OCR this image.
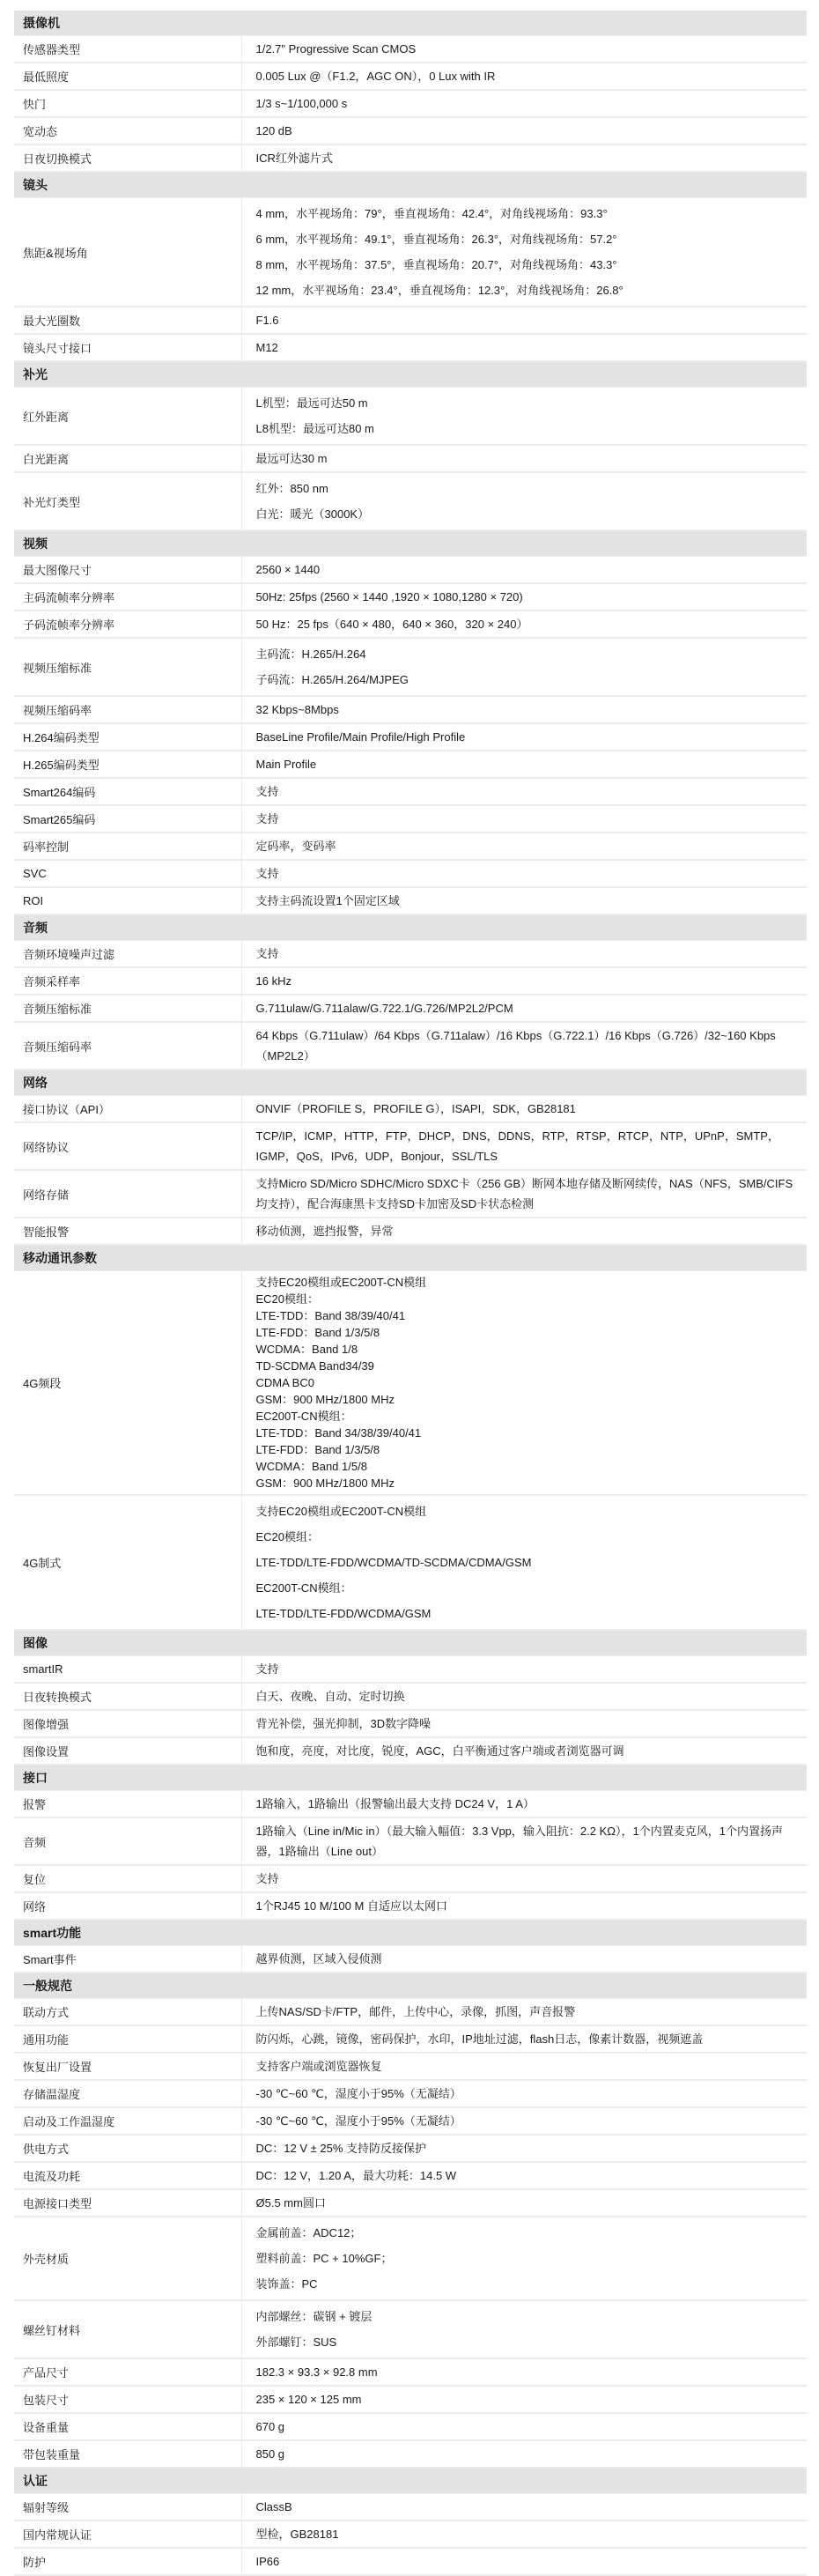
摄像机	
传感器类型	1/2.7" Progressive Scan CMOS

最低照度	0.005 Lux @（F1.2，AGC ON），0 Lux with IR

快门	1/3 s~1/100,000 s

宽动态	120 dB

日夜切换模式	ICR红外滤片式

镜头	
焦距&视场角	4 mm，水平视场角：79°，垂直视场角：42.4°，对角线视场角：93.3°
6 mm，水平视场角：49.1°，垂直视场角：26.3°，对角线视场角：57.2°
8 mm，水平视场角：37.5°，垂直视场角：20.7°，对角线视场角：43.3°
12 mm，水平视场角：23.4°，垂直视场角：12.3°，对角线视场角：26.8°

最大光圈数	F1.6

镜头尺寸接口	M12

补光	
红外距离	L机型：最远可达50 m
L8机型：最远可达80 m

白光距离	最远可达30 m

补光灯类型	红外：850 nm
白光：暖光（3000K）

视频	
最大图像尺寸	2560 × 1440

主码流帧率分辨率	50Hz: 25fps (2560 × 1440 ,1920 × 1080,1280 × 720)

子码流帧率分辨率	50 Hz：25 fps（640 × 480，640 × 360，320 × 240）

视频压缩标准	主码流：H.265/H.264
子码流：H.265/H.264/MJPEG

视频压缩码率	32 Kbps~8Mbps

H.264编码类型	BaseLine Profile/Main Profile/High Profile

H.265编码类型	Main Profile

Smart264编码	支持

Smart265编码	支持

码率控制	定码率，变码率

SVC	支持

ROI	支持主码流设置1个固定区域

音频	
音频环境噪声过滤	支持

音频采样率	16 kHz

音频压缩标准	G.711ulaw/G.711alaw/G.722.1/G.726/MP2L2/PCM

音频压缩码率	64 Kbps（G.711ulaw）/64 Kbps（G.711alaw）/16 Kbps（G.722.1）/16 Kbps（G.726）/32~160 Kbps（MP2L2）

网络	
接口协议（API）	ONVIF（PROFILE S，PROFILE G），ISAPI，SDK，GB28181

网络协议	TCP/IP，ICMP，HTTP，FTP，DHCP，DNS，DDNS，RTP，RTSP，RTCP，NTP，UPnP，SMTP，IGMP，QoS，IPv6，UDP，Bonjour，SSL/TLS

网络存储	支持Micro SD/Micro SDHC/Micro SDXC卡（256 GB）断网本地存储及断网续传，NAS（NFS，SMB/CIFS均支持），配合海康黑卡支持SD卡加密及SD卡状态检测

智能报警	移动侦测，遮挡报警，异常

移动通讯参数	
4G频段	
支持EC20模组或EC200T-CN模组
EC20模组：
LTE-TDD：Band 38/39/40/41
LTE-FDD：Band 1/3/5/8
WCDMA：Band 1/8
TD-SCDMA Band34/39
CDMA BC0
GSM：900 MHz/1800 MHz
EC200T-CN模组：
LTE-TDD：Band 34/38/39/40/41
LTE-FDD：Band 1/3/5/8
WCDMA：Band 1/5/8
GSM：900 MHz/1800 MHz

4G制式	支持EC20模组或EC200T-CN模组
EC20模组：
LTE-TDD/LTE-FDD/WCDMA/TD-SCDMA/CDMA/GSM
EC200T-CN模组：
LTE-TDD/LTE-FDD/WCDMA/GSM

图像	
smartIR	支持

日夜转换模式	白天、夜晚、自动、定时切换

图像增强	背光补偿，强光抑制，3D数字降噪

图像设置	饱和度，亮度，对比度，锐度，AGC，白平衡通过客户端或者浏览器可调

接口	
报警	1路输入，1路输出（报警输出最大支持 DC24 V，1 A）

音频	1路输入（Line in/Mic in）（最大输入幅值：3.3 Vpp，输入阻抗：2.2 KΩ），1个内置麦克风，1个内置扬声器，1路输出（Line out）

复位	支持

网络	1个RJ45 10 M/100 M 自适应以太网口

smart功能	
Smart事件	越界侦测，区域入侵侦测

一般规范	
联动方式	上传NAS/SD卡/FTP，邮件，上传中心，录像，抓图，声音报警

通用功能	防闪烁，心跳，镜像，密码保护，水印，IP地址过滤，flash日志，像素计数器，视频遮盖

恢复出厂设置	支持客户端或浏览器恢复

存储温湿度	-30 ℃~60 ℃，湿度小于95%（无凝结）

启动及工作温湿度	-30 ℃~60 ℃，湿度小于95%（无凝结）

供电方式	DC：12 V ± 25% 支持防反接保护

电流及功耗	DC：12 V，1.20 A，最大功耗：14.5 W

电源接口类型	Ø5.5 mm圆口

外壳材质	金属前盖：ADC12；
塑料前盖：PC + 10%GF；
装饰盖：PC

螺丝钉材料	内部螺丝：碳钢 + 镀层
外部螺钉：SUS

产品尺寸	182.3 × 93.3 × 92.8 mm

包装尺寸	235 × 120 × 125 mm

设备重量	670 g

带包装重量	850 g

认证	
辐射等级	ClassB

国内常规认证	型检，GB28181

防护	IP66
